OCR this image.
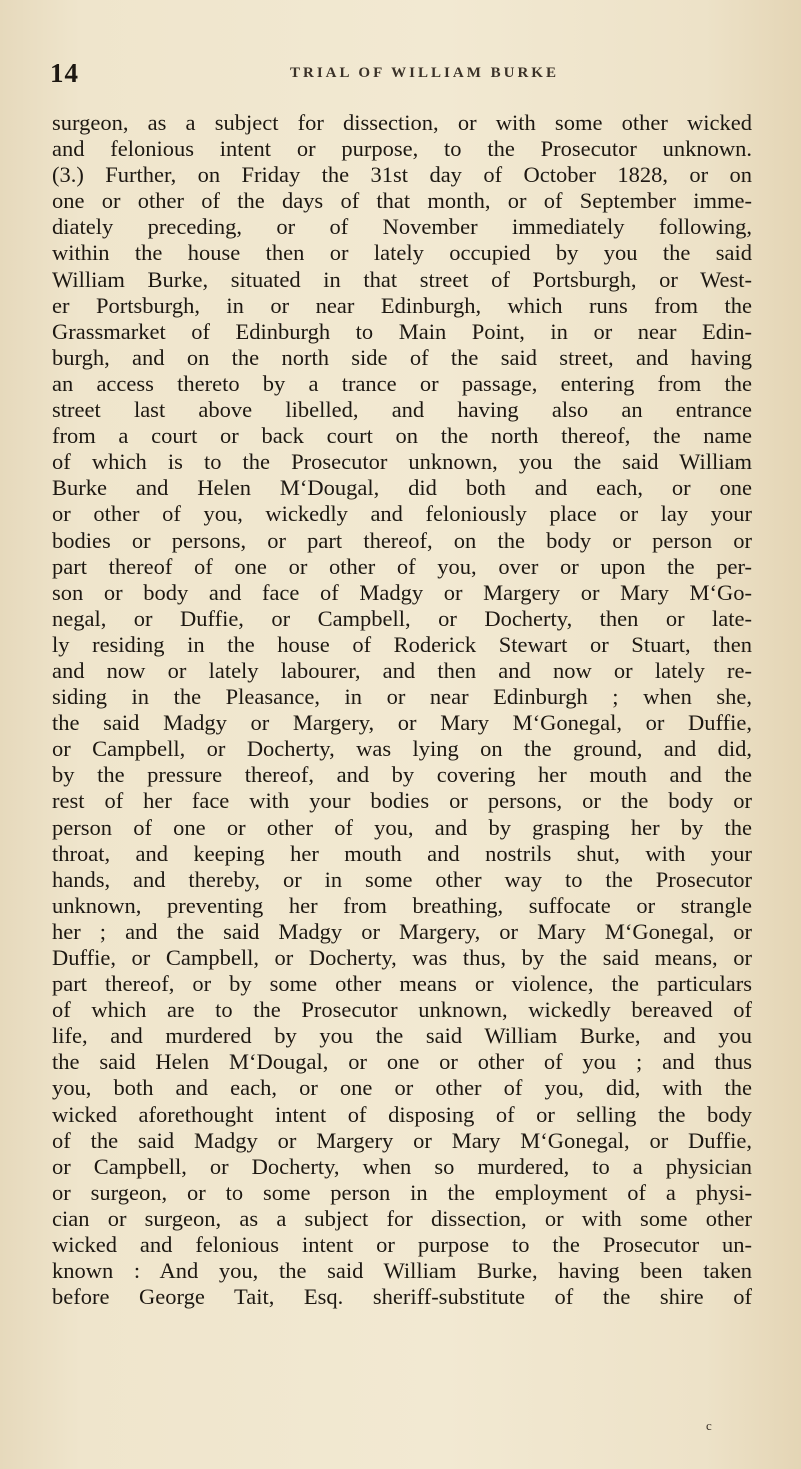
14	TRIAL OF WILLIAM BURKE
surgeon, as a subject for dissection, or with some other wicked
and felonious intent or purpose, to the Prosecutor unknown.
(3.) Further, on Friday the 31st day of October 1828, or on
one or other of the days of that month, or of September imme-
diately preceding, or of November immediately following,
within the house then or lately occupied by you the said
William Burke, situated in that street of Portsburgh, or West-
er Portsburgh, in or near Edinburgh, which runs from the
Grassmarket of Edinburgh to Main Point, in or near Edin-
burgh, and on the north side of the said street, and having
an access thereto by a trance or passage, entering from the
street last above libelled, and having also an entrance
from a court or back court on the north thereof, the name
of which is to the Prosecutor unknown, you the said William
Burke and Helen M‘Dougal, did both and each, or one
or other of you, wickedly and feloniously place or lay your
bodies or persons, or part thereof, on the body or person or
part thereof of one or other of you, over or upon the per-
son or body and face of Madgy or Margery or Mary M‘Go-
negal, or Duffie, or Campbell, or Docherty, then or late-
ly residing in the house of Roderick Stewart or Stuart, then
and now or lately labourer, and then and now or lately re-
siding in the Pleasance, in or near Edinburgh ; when she,
the said Madgy or Margery, or Mary M‘Gonegal, or Duffie,
or Campbell, or Docherty, was lying on the ground, and did,
by the pressure thereof, and by covering her mouth and the
rest of her face with your bodies or persons, or the body or
person of one or other of you, and by grasping her by the
throat, and keeping her mouth and nostrils shut, with your
hands, and thereby, or in some other way to the Prosecutor
unknown, preventing her from breathing, suffocate or strangle
her ; and the said Madgy or Margery, or Mary M‘Gonegal, or
Duffie, or Campbell, or Docherty, was thus, by the said means, or
part thereof, or by some other means or violence, the particulars
of which are to the Prosecutor unknown, wickedly bereaved of
life, and murdered by you the said William Burke, and you
the said Helen M‘Dougal, or one or other of you ; and thus
you, both and each, or one or other of you, did, with the
wicked aforethought intent of disposing of or selling the body
of the said Madgy or Margery or Mary M‘Gonegal, or Duffie,
or Campbell, or Docherty, when so murdered, to a physician
or surgeon, or to some person in the employment of a physi-
cian or surgeon, as a subject for dissection, or with some other
wicked and felonious intent or purpose to the Prosecutor un-
known : And you, the said William Burke, having been taken
before George Tait, Esq. sheriff-substitute of the shire of
c
